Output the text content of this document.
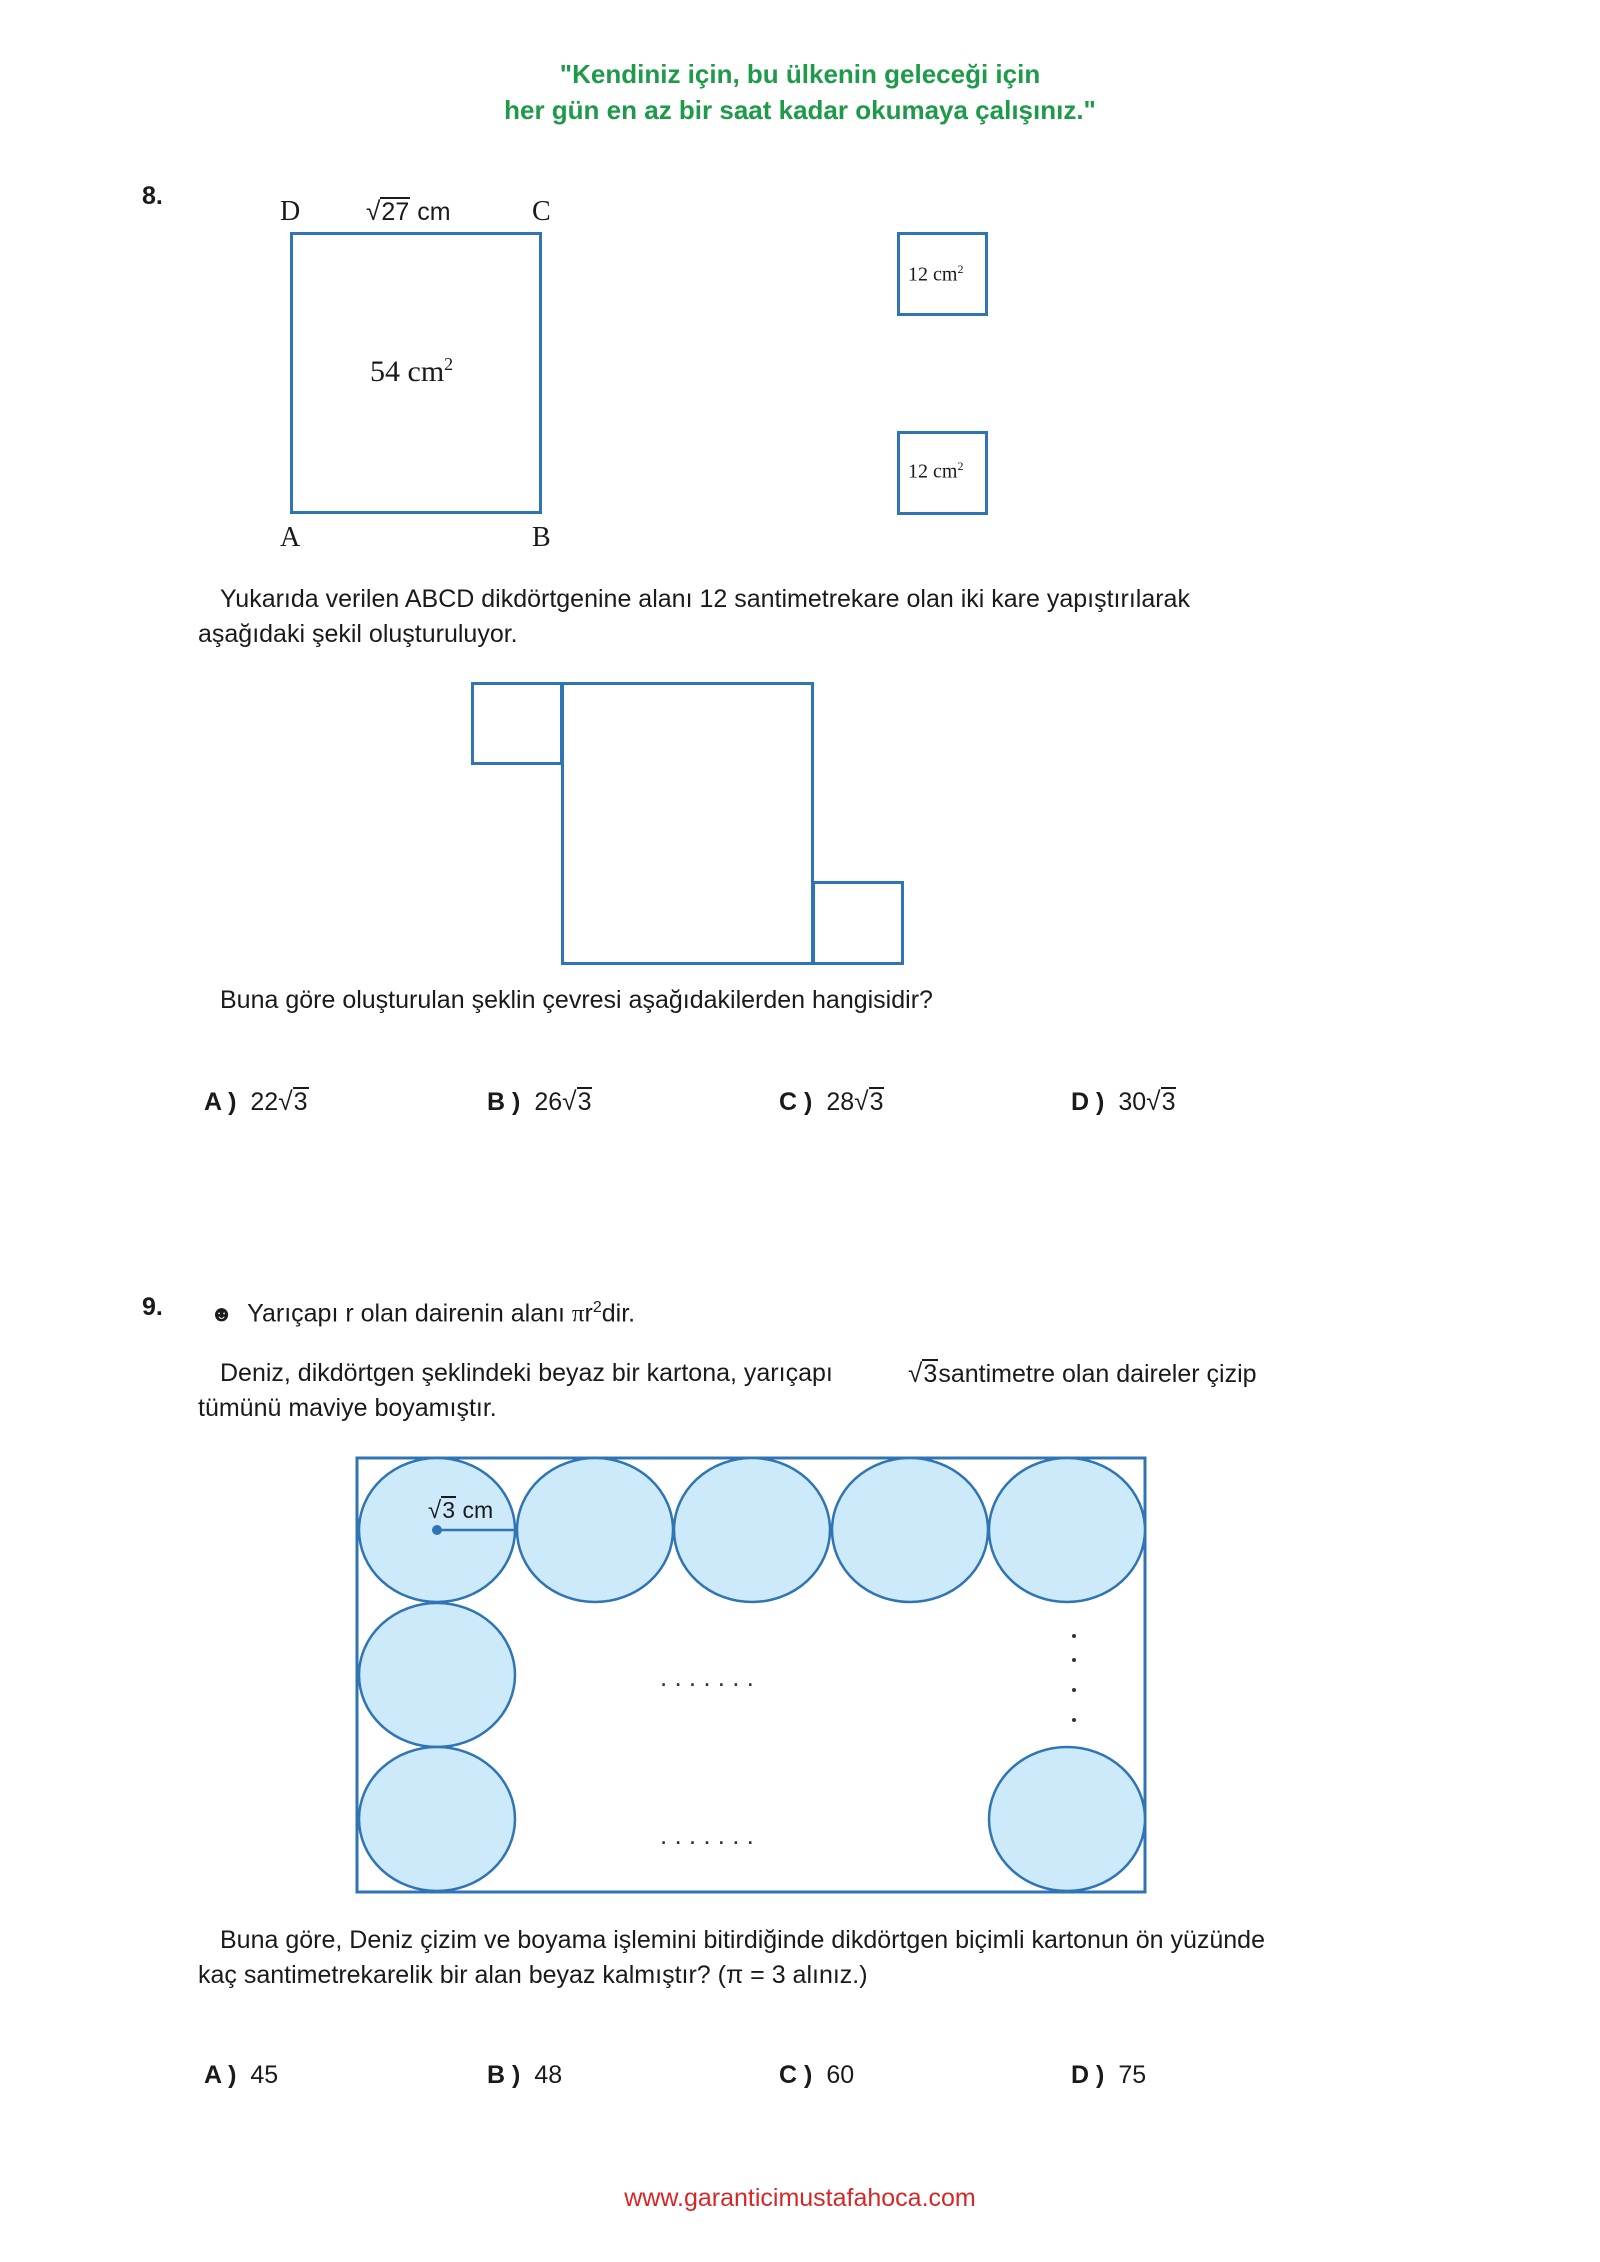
"Kendiniz için, bu ülkenin geleceği için
her gün en az bir saat kadar okumaya çalışınız."
8.	D	C
A	B
√27 cm
54 $cm^2$
12 $cm^2$
12 $cm^2$
Yukarıda verilen ABCD dikdörtgenine alanı 12 santimetrekare olan iki kare yapıştırılarak
aşağıdaki şekil oluşturuluyor.
Buna göre oluşturulan şeklin çevresi aşağıdakilerden hangisidir?
A ) 22√3	B ) 26√3	C ) 28√3	D ) 30√3
9. ☻ Yarıçapı r olan dairenin alanı $\pi r^2dir$.
Deniz, dikdörtgen şeklindeki beyaz bir kartona, yarıçapı	√3santimetre olan daireler çizip
tümünü maviye boyamıştır.
. . . . . . .
. . . . . . .
√3 cm
Buna göre, Deniz çizim ve boyama işlemini bitirdiğinde dikdörtgen biçimli kartonun ön yüzünde
kaç santimetrekarelik bir alan beyaz kalmıştır? (π = 3 alınız.)
A ) 45	B ) 48	C ) 60	D ) 75
www.garanticimustafahoca.com
